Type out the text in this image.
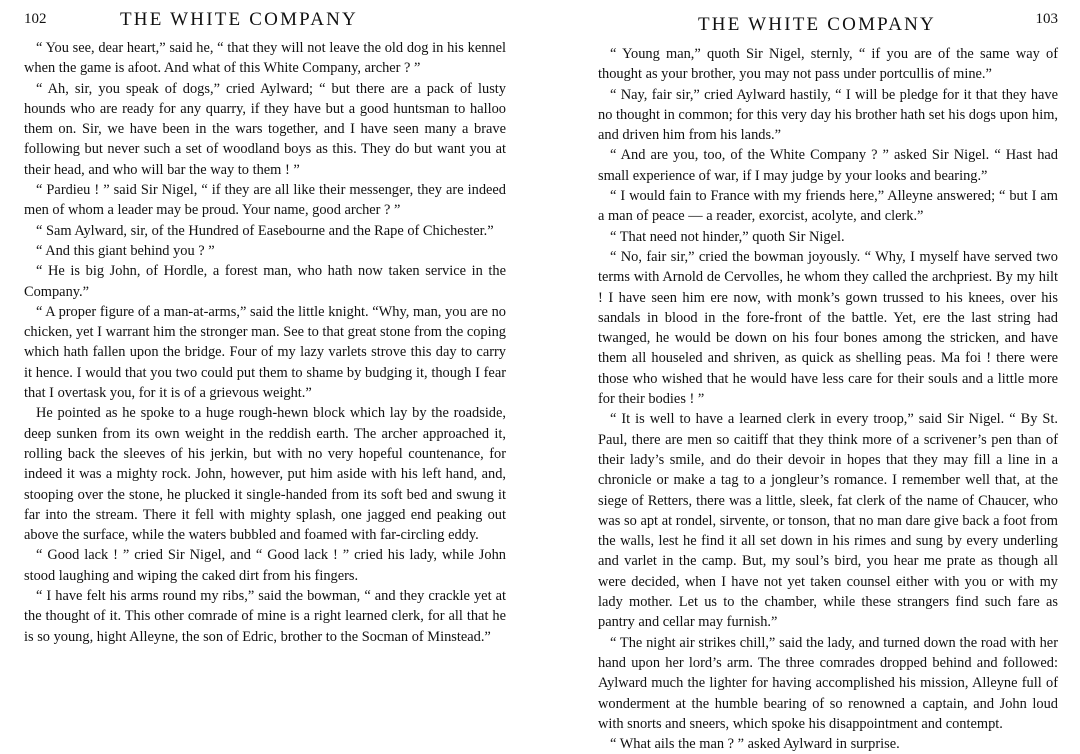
102	THE WHITE COMPANY

“ You see, dear heart,” said he, “ that they will not leave the old dog in his kennel when the game is afoot. And what of this White Company, archer ? ”

“ Ah, sir, you speak of dogs,” cried Aylward; “ but there are a pack of lusty hounds who are ready for any quarry, if they have but a good huntsman to halloo them on. Sir, we have been in the wars together, and I have seen many a brave following but never such a set of woodland boys as this. They do but want you at their head, and who will bar the way to them ! ”

“ Pardieu ! ” said Sir Nigel, “ if they are all like their messenger, they are indeed men of whom a leader may be proud. Your name, good archer ? ”

“ Sam Aylward, sir, of the Hundred of Easebourne and the Rape of Chichester.”

“ And this giant behind you ? ”

“ He is big John, of Hordle, a forest man, who hath now taken service in the Company.”

“ A proper figure of a man-at-arms,” said the little knight. “Why, man, you are no chicken, yet I warrant him the stronger man. See to that great stone from the coping which hath fallen upon the bridge. Four of my lazy varlets strove this day to carry it hence. I would that you two could put them to shame by budging it, though I fear that I overtask you, for it is of a grievous weight.”

He pointed as he spoke to a huge rough-hewn block which lay by the roadside, deep sunken from its own weight in the reddish earth. The archer approached it, rolling back the sleeves of his jerkin, but with no very hopeful countenance, for indeed it was a mighty rock. John, however, put him aside with his left hand, and, stooping over the stone, he plucked it single-handed from its soft bed and swung it far into the stream. There it fell with mighty splash, one jagged end peaking out above the surface, while the waters bubbled and foamed with far-circling eddy.

“ Good lack ! ” cried Sir Nigel, and “ Good lack ! ” cried his lady, while John stood laughing and wiping the caked dirt from his fingers.

“ I have felt his arms round my ribs,” said the bowman, “ and they crackle yet at the thought of it. This other comrade of mine is a right learned clerk, for all that he is so young, hight Alleyne, the son of Edric, brother to the Socman of Minstead.”

THE WHITE COMPANY	103

“ Young man,” quoth Sir Nigel, sternly, “ if you are of the same way of thought as your brother, you may not pass under portcullis of mine.”

“ Nay, fair sir,” cried Aylward hastily, “ I will be pledge for it that they have no thought in common; for this very day his brother hath set his dogs upon him, and driven him from his lands.”

“ And are you, too, of the White Company ? ” asked Sir Nigel. “ Hast had small experience of war, if I may judge by your looks and bearing.”

“ I would fain to France with my friends here,” Alleyne answered; “ but I am a man of peace — a reader, exorcist, acolyte, and clerk.”

“ That need not hinder,” quoth Sir Nigel.

“ No, fair sir,” cried the bowman joyously. “ Why, I myself have served two terms with Arnold de Cervolles, he whom they called the archpriest. By my hilt ! I have seen him ere now, with monk’s gown trussed to his knees, over his sandals in blood in the fore-front of the battle. Yet, ere the last string had twanged, he would be down on his four bones among the stricken, and have them all houseled and shriven, as quick as shelling peas. Ma foi ! there were those who wished that he would have less care for their souls and a little more for their bodies ! ”

“ It is well to have a learned clerk in every troop,” said Sir Nigel. “ By St. Paul, there are men so caitiff that they think more of a scrivener’s pen than of their lady’s smile, and do their devoir in hopes that they may fill a line in a chronicle or make a tag to a jongleur’s romance. I remember well that, at the siege of Retters, there was a little, sleek, fat clerk of the name of Chaucer, who was so apt at rondel, sirvente, or tonson, that no man dare give back a foot from the walls, lest he find it all set down in his rimes and sung by every underling and varlet in the camp. But, my soul’s bird, you hear me prate as though all were decided, when I have not yet taken counsel either with you or with my lady mother. Let us to the chamber, while these strangers find such fare as pantry and cellar may furnish.”

“ The night air strikes chill,” said the lady, and turned down the road with her hand upon her lord’s arm. The three comrades dropped behind and followed: Aylward much the lighter for having accomplished his mission, Alleyne full of wonderment at the humble bearing of so renowned a captain, and John loud with snorts and sneers, which spoke his disappointment and contempt.

“ What ails the man ? ” asked Aylward in surprise.
